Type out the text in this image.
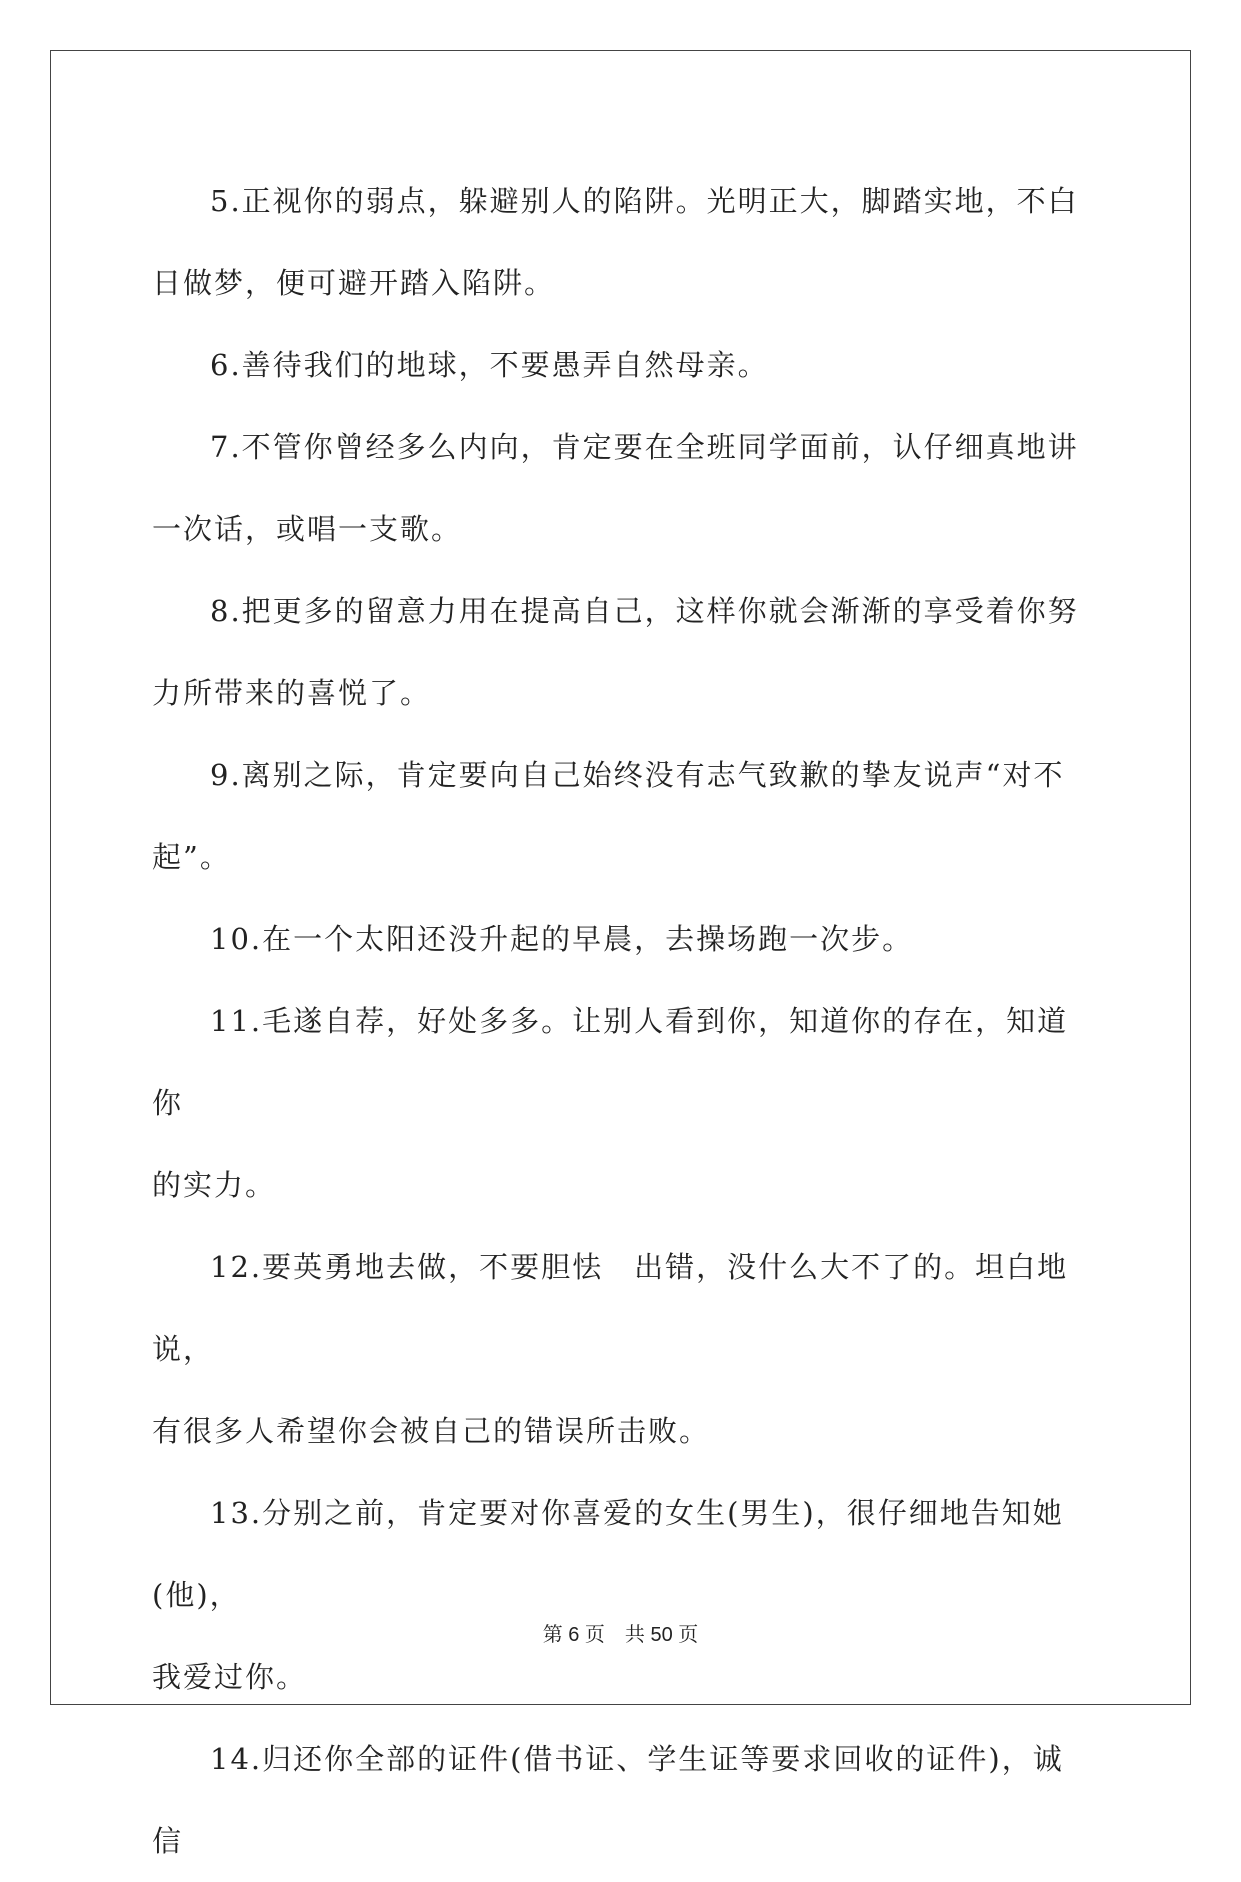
5.正视你的弱点，躲避别人的陷阱。光明正大，脚踏实地，不白
日做梦，便可避开踏入陷阱。

6.善待我们的地球，不要愚弄自然母亲。

7.不管你曾经多么内向，肯定要在全班同学面前，认仔细真地讲
一次话，或唱一支歌。

8.把更多的留意力用在提高自己，这样你就会渐渐的享受着你努
力所带来的喜悦了。

9.离别之际，肯定要向自己始终没有志气致歉的挚友说声“对不
起”。

10.在一个太阳还没升起的早晨，去操场跑一次步。

11.毛遂自荐，好处多多。让别人看到你，知道你的存在，知道你
的实力。

12.要英勇地去做，不要胆怯　出错，没什么大不了的。坦白地说，
有很多人希望你会被自己的错误所击败。

13.分别之前，肯定要对你喜爱的女生(男生)，很仔细地告知她(他)，
我爱过你。

14.归还你全部的证件(借书证、学生证等要求回收的证件)，诚信

第 6 页　共 50 页
